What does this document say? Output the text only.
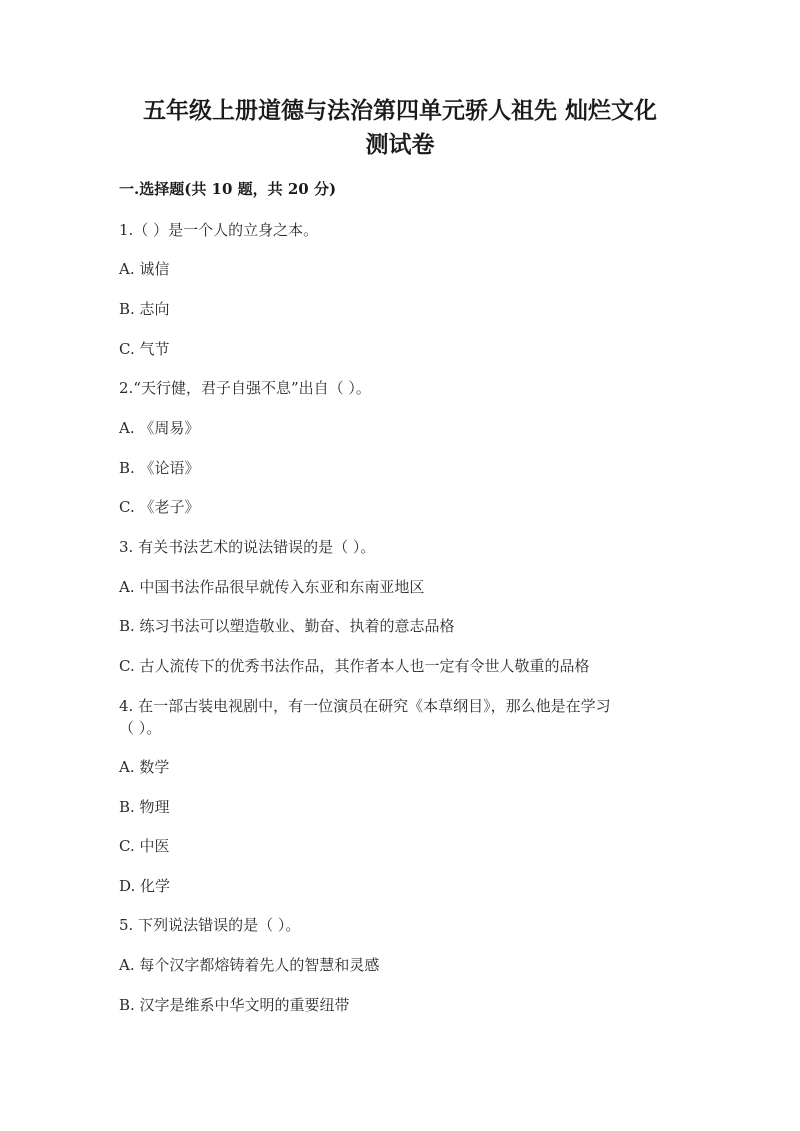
五年级上册道德与法治第四单元骄人祖先 灿烂文化
测试卷
一.选择题(共 10 题，共 20 分)
1.（ ）是一个人的立身之本。
A. 诚信
B. 志向
C. 气节
2.“天行健，君子自强不息”出自（ ）。
A. 《周易》
B. 《论语》
C. 《老子》
3. 有关书法艺术的说法错误的是（ ）。
A. 中国书法作品很早就传入东亚和东南亚地区
B. 练习书法可以塑造敬业、勤奋、执着的意志品格
C. 古人流传下的优秀书法作品，其作者本人也一定有令世人敬重的品格
4. 在一部古装电视剧中，有一位演员在研究《本草纲目》，那么他是在学习
（ ）。
A. 数学
B. 物理
C. 中医
D. 化学
5. 下列说法错误的是（ ）。
A. 每个汉字都熔铸着先人的智慧和灵感
B. 汉字是维系中华文明的重要纽带
